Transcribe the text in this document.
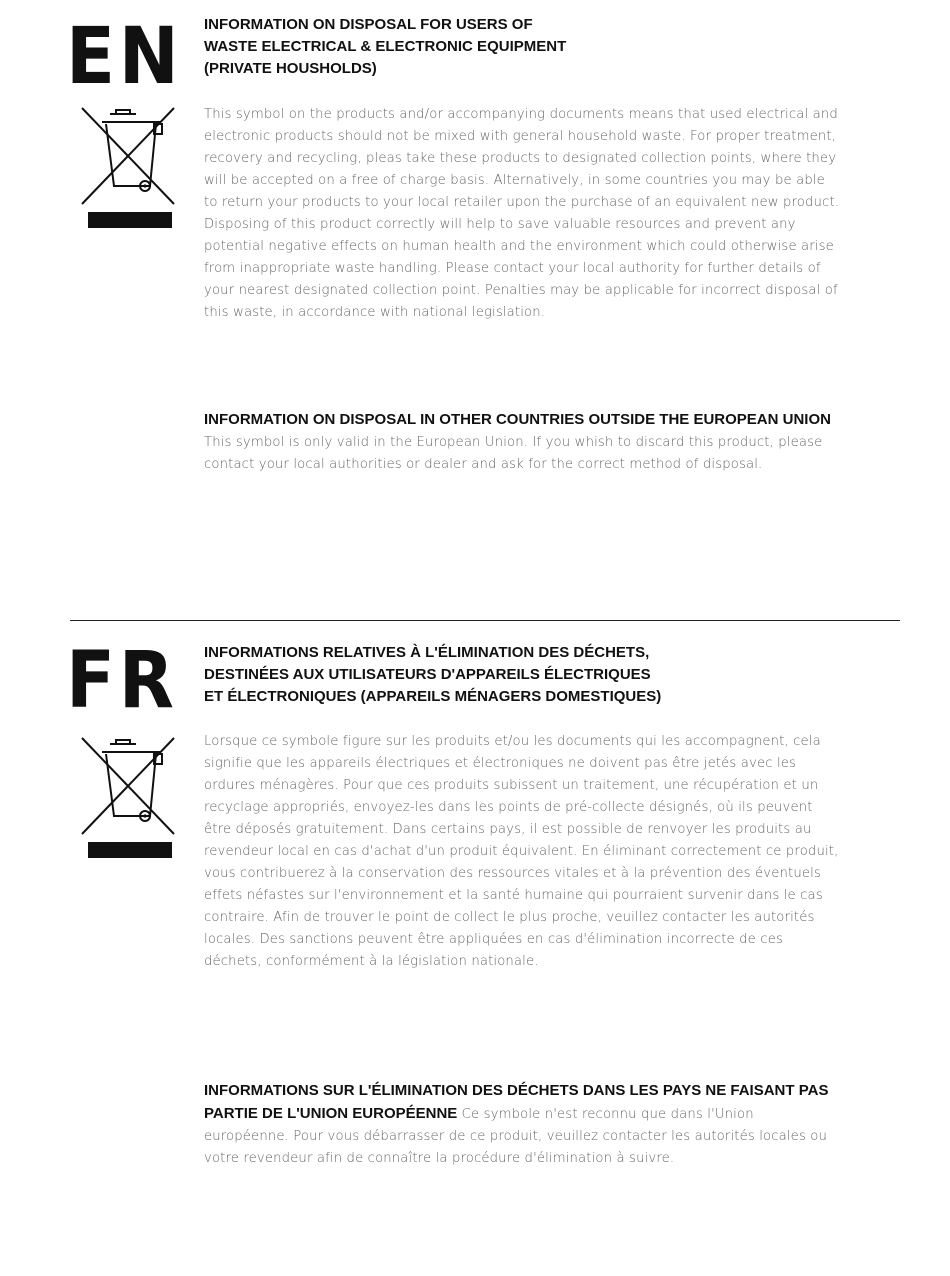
EN INFORMATION ON DISPOSAL FOR USERS OF
WASTE ELECTRICAL & ELECTRONIC EQUIPMENT
(PRIVATE HOUSHOLDS)

This symbol on the products and/or accompanying documents means that used electrical and electronic products should not be mixed with general household waste. For proper treatment, recovery and recycling, pleas take these products to designated collection points, where they will be accepted on a free of charge basis. Alternatively, in some countries you may be able to return your products to your local retailer upon the purchase of an equivalent new product. Disposing of this product correctly will help to save valuable resources and prevent any potential negative effects on human health and the environment which could otherwise arise from inappropriate waste handling. Please contact your local authority for further details of your nearest designated collection point. Penalties may be applicable for incorrect disposal of this waste, in accordance with national legislation.

INFORMATION ON DISPOSAL IN OTHER COUNTRIES OUTSIDE THE EUROPEAN UNION This symbol is only valid in the European Union. If you whish to discard this product, please contact your local authorities or dealer and ask for the correct method of disposal.

FR INFORMATIONS RELATIVES À L'ÉLIMINATION DES DÉCHETS,
DESTINÉES AUX UTILISATEURS D'APPAREILS ÉLECTRIQUES
ET ÉLECTRONIQUES (APPAREILS MÉNAGERS DOMESTIQUES)

Lorsque ce symbole figure sur les produits et/ou les documents qui les accompagnent, cela signifie que les appareils électriques et électroniques ne doivent pas être jetés avec les ordures ménagères. Pour que ces produits subissent un traitement, une récupération et un recyclage appropriés, envoyez-les dans les points de pré-collecte désignés, où ils peuvent être déposés gratuitement. Dans certains pays, il est possible de renvoyer les produits au revendeur local en cas d'achat d'un produit équivalent. En éliminant correctement ce produit, vous contribuerez à la conservation des ressources vitales et à la prévention des éventuels effets néfastes sur l'environnement et la santé humaine qui pourraient survenir dans le cas contraire. Afin de trouver le point de collect le plus proche, veuillez contacter les autorités locales. Des sanctions peuvent être appliquées en cas d'élimination incorrecte de ces déchets, conformément à la législation nationale.

INFORMATIONS SUR L'ÉLIMINATION DES DÉCHETS DANS LES PAYS NE FAISANT PAS PARTIE DE L'UNION EUROPÉENNE Ce symbole n'est reconnu que dans l'Union européenne. Pour vous débarrasser de ce produit, veuillez contacter les autorités locales ou votre revendeur afin de connaître la procédure d'élimination à suivre.
